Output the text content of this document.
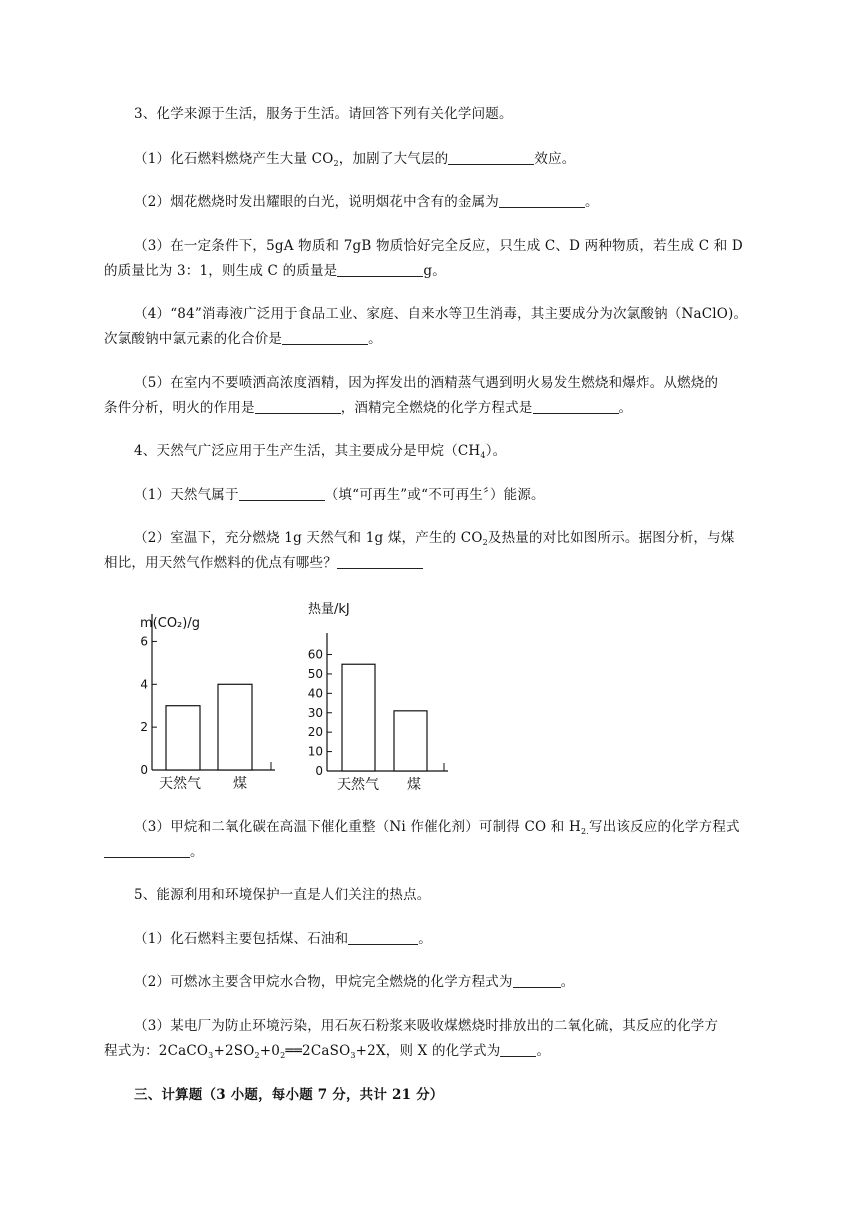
3、化学来源于生活，服务于生活。请回答下列有关化学问题。
（1）化石燃料燃烧产生大量 $CO_2$，加剧了大气层的	效应。
（2）烟花燃烧时发出耀眼的白光，说明烟花中含有的金属为	。
（3）在一定条件下，5gA 物质和 7gB 物质恰好完全反应，只生成 C、D 两种物质，若生成 C 和 D
的质量比为 3：1，则生成 C 的质量是	g。
（4）“84”消毒液广泛用于食品工业、家庭、自来水等卫生消毒，其主要成分为次氯酸钠（NaClO)。
次氯酸钠中氯元素的化合价是	。
（5）在室内不要喷洒高浓度酒精，因为挥发出的酒精蒸气遇到明火易发生燃烧和爆炸。从燃烧的
条件分析，明火的作用是	，酒精完全燃烧的化学方程式是	。
4、天然气广泛应用于生产生活，其主要成分是甲烷$(CH_4)$。
（1）天然气属于	（填“可再生”或“不可再生〞）能源。
（2）室温下，充分燃烧 1g 天然气和 1g 煤，产生的 $CO_2$及热量的对比如图所示。据图分析，与煤
相比，用天然气作燃料的优点有哪些？
m(CO₂)/g
0
2
4
6
天然气 煤
热量/kJ
0
10
20
30
40
50
60
天然气 煤
（3）甲烷和二氧化碳在高温下催化重整（Ni 作催化剂）可制得 CO 和 $H_{2.}$写出该反应的化学方程式
。
5、能源利用和环境保护一直是人们关注的热点。
（1）化石燃料主要包括煤、石油和	。
（2）可燃冰主要含甲烷水合物，甲烷完全燃烧的化学方程式为	。
（3）某电厂为防止环境污染，用石灰石粉浆来吸收煤燃烧时排放出的二氧化硫，其反应的化学方
程式为：$2CaCO_3+2SO_2+0_2══2CaSO_3+2X$，则 X 的化学式为	。
三、计算题（3 小题，每小题 7 分，共计 21 分）
